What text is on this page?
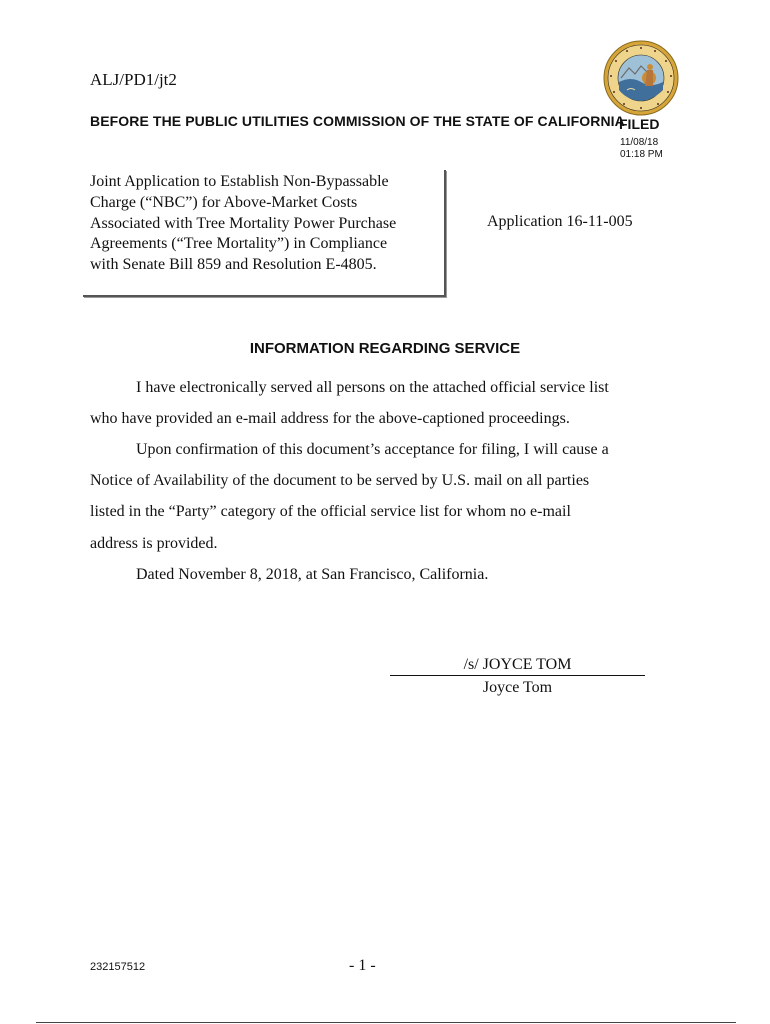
ALJ/PD1/jt2
BEFORE THE PUBLIC UTILITIES COMMISSION OF THE STATE OF CALIFORNIA
FILED
11/08/18
01:18 PM
Joint Application to Establish Non-Bypassable
Charge (“NBC”) for Above-Market Costs
Associated with Tree Mortality Power Purchase
Agreements (“Tree Mortality”) in Compliance
with Senate Bill 859 and Resolution E-4805.
Application 16-11-005
INFORMATION REGARDING SERVICE
I have electronically served all persons on the attached official service list
who have provided an e-mail address for the above-captioned proceedings.
Upon confirmation of this document’s acceptance for filing, I will cause a
Notice of Availability of the document to be served by U.S. mail on all parties
listed in the “Party” category of the official service list for whom no e-mail
address is provided.
Dated November 8, 2018, at San Francisco, California.
/s/ JOYCE TOM
Joyce Tom
232157512	- 1 -
